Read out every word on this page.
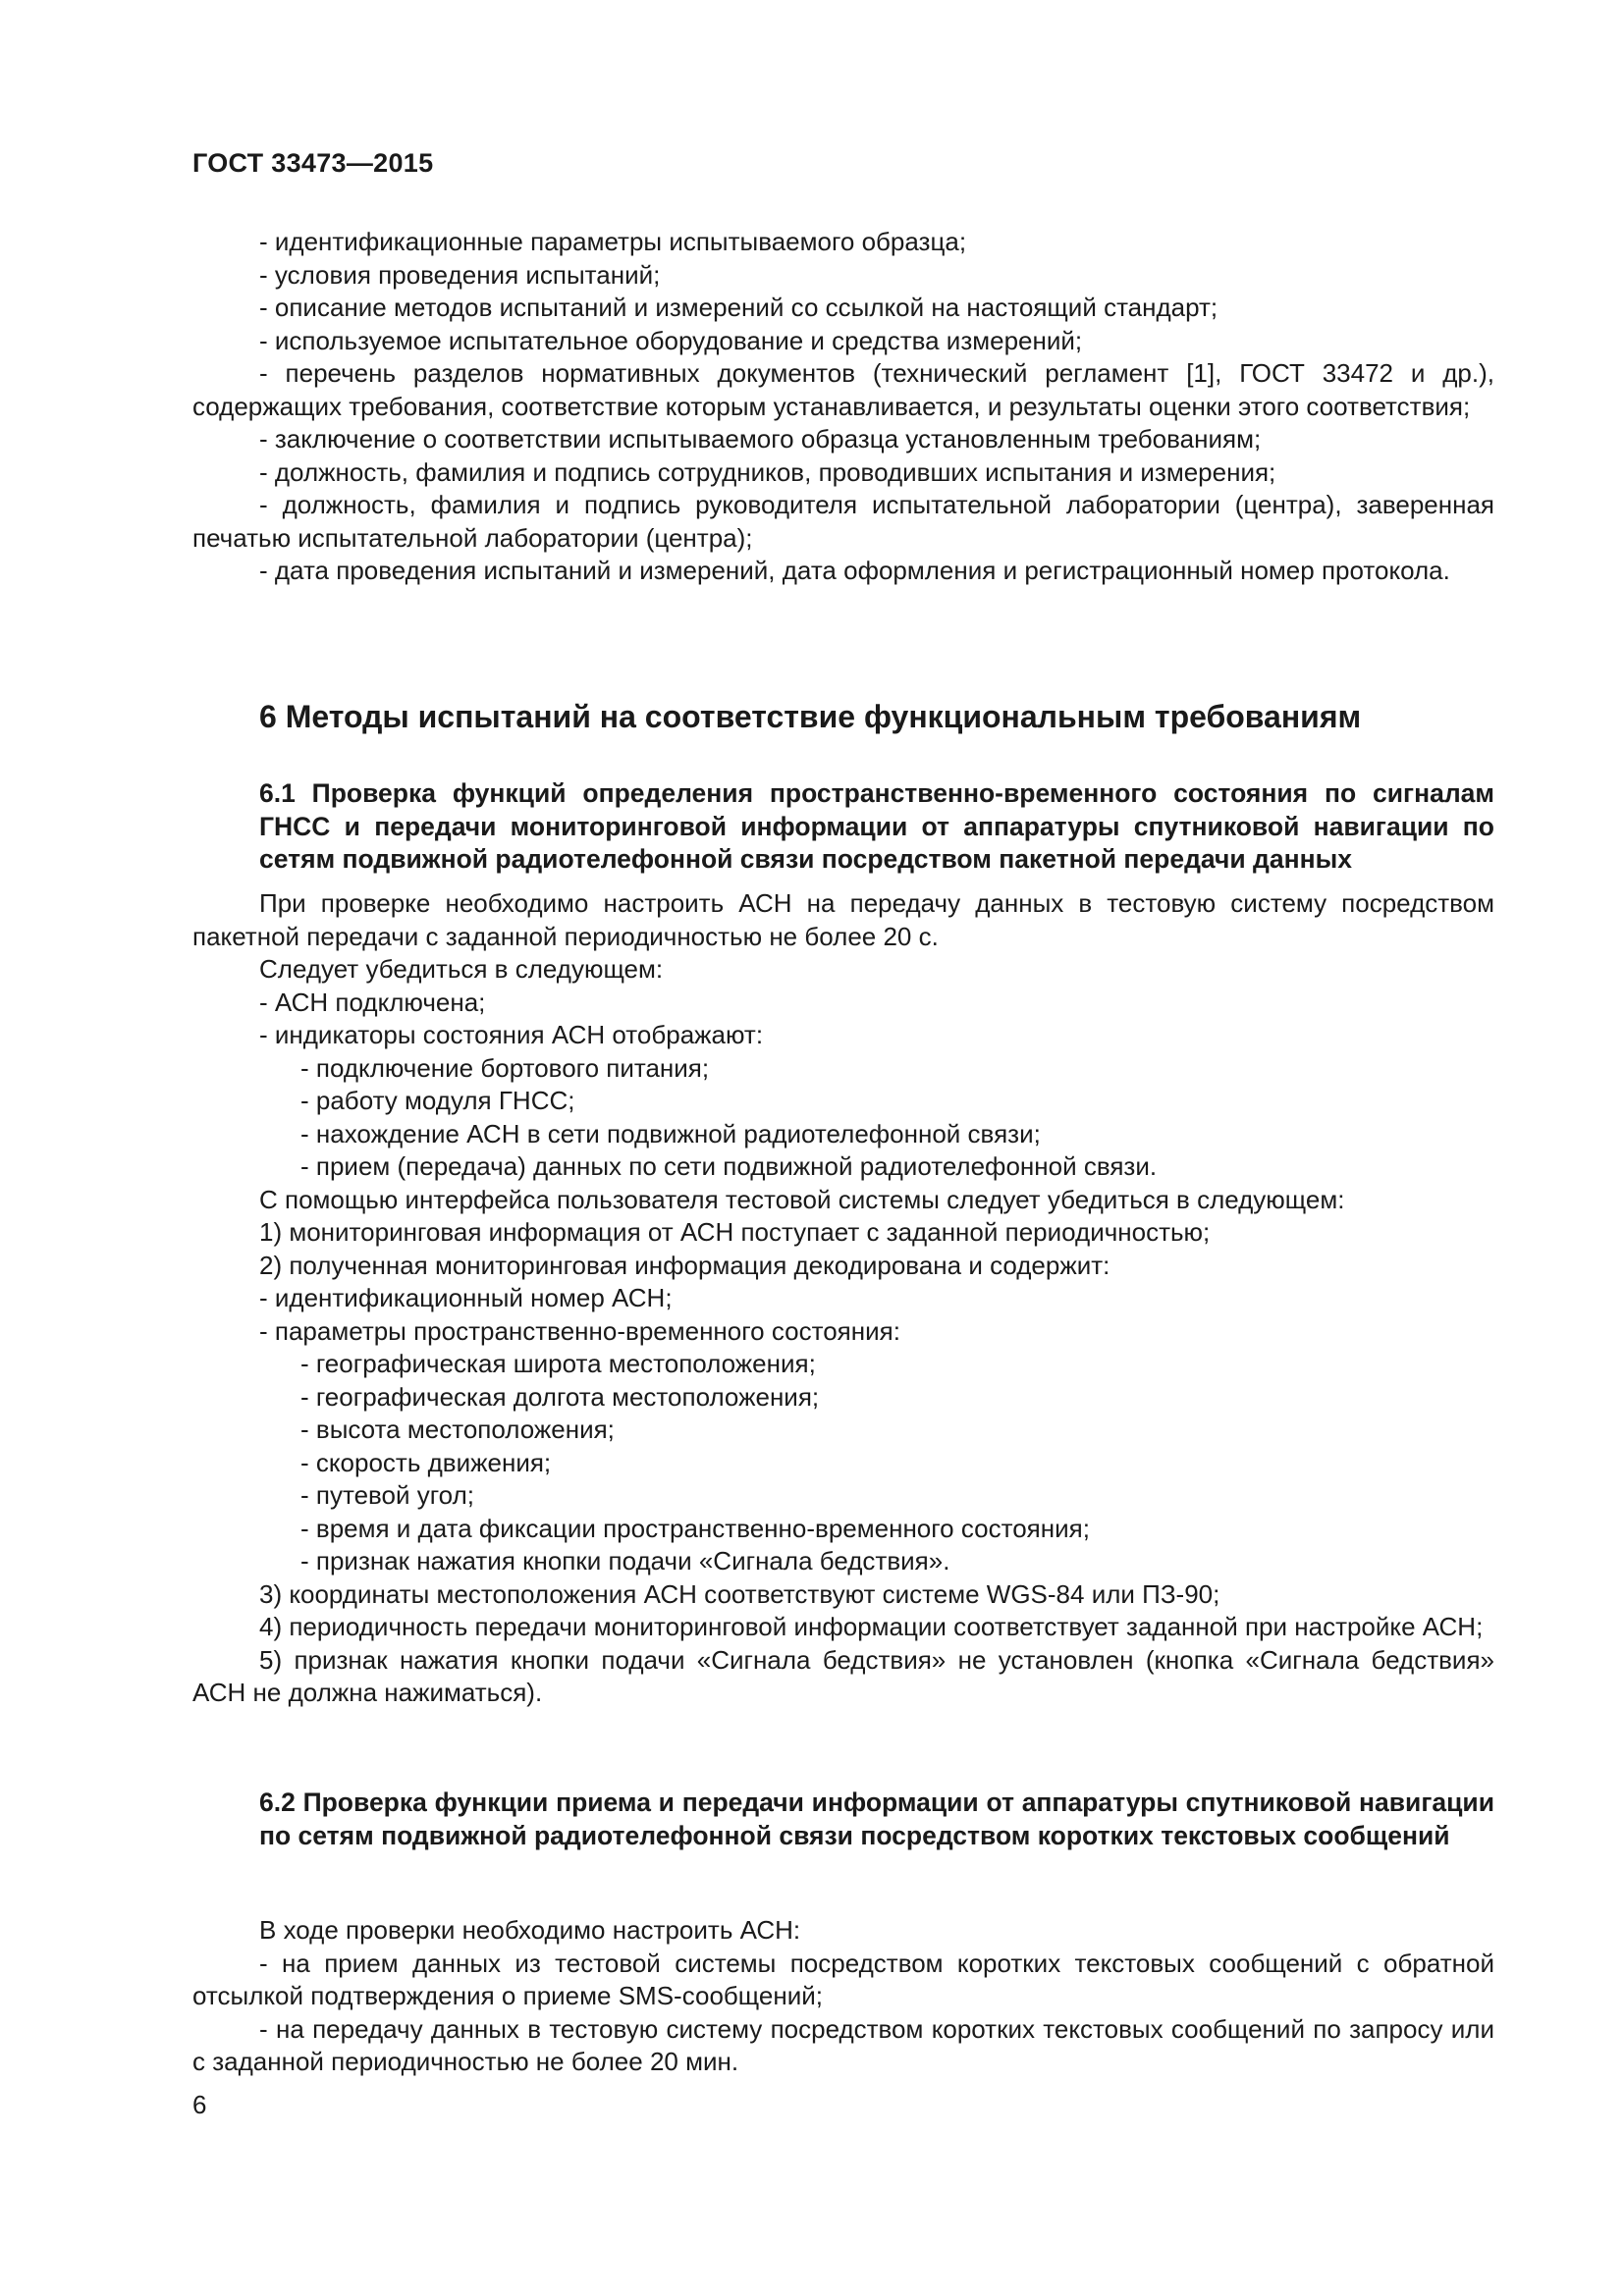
ГОСТ 33473—2015

- идентификационные параметры испытываемого образца;

- условия проведения испытаний;

- описание методов испытаний и измерений со ссылкой на настоящий стандарт;

- используемое испытательное оборудование и средства измерений;

- перечень разделов нормативных документов (технический регламент [1], ГОСТ 33472 и др.), содержащих требования, соответствие которым устанавливается, и результаты оценки этого соответствия;

- заключение о соответствии испытываемого образца установленным требованиям;

- должность, фамилия и подпись сотрудников, проводивших испытания и измерения;

- должность, фамилия и подпись руководителя испытательной лаборатории (центра), заверенная печатью испытательной лаборатории (центра);

- дата проведения испытаний и измерений, дата оформления и регистрационный номер протокола.

6 Методы испытаний на соответствие функциональным требованиям

6.1 Проверка функций определения пространственно-временного состояния по сигналам ГНСС и передачи мониторинговой информации от аппаратуры спутниковой навигации по сетям подвижной радиотелефонной связи посредством пакетной передачи данных

При проверке необходимо настроить АСН на передачу данных в тестовую систему посредством пакетной передачи с заданной периодичностью не более 20 с.

Следует убедиться в следующем:

- АСН подключена;

- индикаторы состояния АСН отображают:

- подключение бортового питания;

- работу модуля ГНСС;

- нахождение АСН в сети подвижной радиотелефонной связи;

- прием (передача) данных по сети подвижной радиотелефонной связи.

С помощью интерфейса пользователя тестовой системы следует убедиться в следующем:

1) мониторинговая информация от АСН поступает с заданной периодичностью;

2) полученная мониторинговая информация декодирована и содержит:

- идентификационный номер АСН;

- параметры пространственно-временного состояния:

- географическая широта местоположения;

- географическая долгота местоположения;

- высота местоположения;

- скорость движения;

- путевой угол;

- время и дата фиксации пространственно-временного состояния;

- признак нажатия кнопки подачи «Сигнала бедствия».

3) координаты местоположения АСН соответствуют системе WGS-84 или ПЗ-90;

4) периодичность передачи мониторинговой информации соответствует заданной при настройке АСН;

5) признак нажатия кнопки подачи «Сигнала бедствия» не установлен (кнопка «Сигнала бедствия» АСН не должна нажиматься).

6.2 Проверка функции приема и передачи информации от аппаратуры спутниковой навигации по сетям подвижной радиотелефонной связи посредством коротких текстовых сообщений

В ходе проверки необходимо настроить АСН:

- на прием данных из тестовой системы посредством коротких текстовых сообщений с обратной отсылкой подтверждения о приеме SMS-сообщений;

- на передачу данных в тестовую систему посредством коротких текстовых сообщений по запросу или с заданной периодичностью не более 20 мин.

6
